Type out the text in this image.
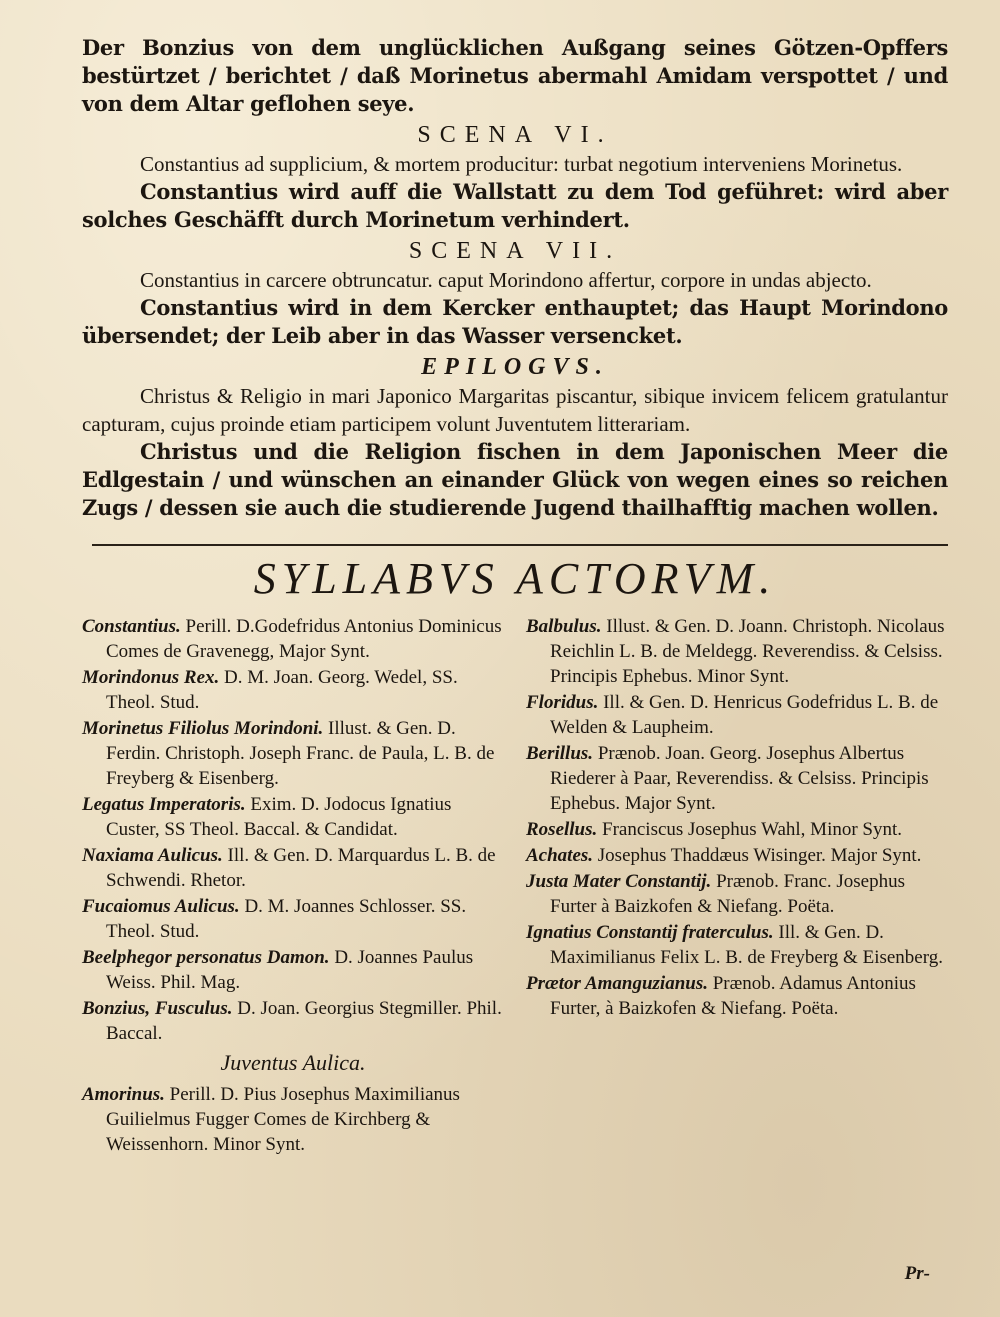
Der Bonzius von dem unglücklichen Außgang seines Götzen-Opffers bestürtzet / berichtet / daß Morinetus abermahl Amidam verspottet / und von dem Altar geflohen seye.

SCENA VI.

Constantius ad supplicium, & mortem producitur: turbat negotium interveniens Morinetus.

Constantius wird auff die Wallstatt zu dem Tod geführet: wird aber solches Geschäfft durch Morinetum verhindert.

SCENA VII.

Constantius in carcere obtruncatur. caput Morindono affertur, corpore in undas abjecto.

Constantius wird in dem Kercker enthauptet; das Haupt Morindono übersendet; der Leib aber in das Wasser versencket.

EPILOGVS.

Christus & Religio in mari Japonico Margaritas piscantur, sibique invicem felicem gratulantur capturam, cujus proinde etiam participem volunt Juventutem litterariam.

Christus und die Religion fischen in dem Japonischen Meer die Edlgestain / und wünschen an einander Glück von wegen eines so reichen Zugs / dessen sie auch die studierende Jugend thailhafftig machen wollen.

SYLLABVS ACTORVM.

Constantius. Perill. D.Godefridus Antonius Dominicus Comes de Gravenegg, Major Synt.

Morindonus Rex. D. M. Joan. Georg. Wedel, SS. Theol. Stud.

Morinetus Filiolus Morindoni. Illust. & Gen. D. Ferdin. Christoph. Joseph Franc. de Paula, L. B. de Freyberg & Eisenberg.

Legatus Imperatoris. Exim. D. Jodocus Ignatius Custer, SS Theol. Baccal. & Candidat.

Naxiama Aulicus. Ill. & Gen. D. Marquardus L. B. de Schwendi. Rhetor.

Fucaiomus Aulicus. D. M. Joannes Schlosser. SS. Theol. Stud.

Beelphegor personatus Damon. D. Joannes Paulus Weiss. Phil. Mag.

Bonzius, Fusculus. D. Joan. Georgius Stegmiller. Phil. Baccal.

Juventus Aulica.

Amorinus. Perill. D. Pius Josephus Maximilianus Guilielmus Fugger Comes de Kirchberg & Weissenhorn. Minor Synt.

Balbulus. Illust. & Gen. D. Joann. Christoph. Nicolaus Reichlin L. B. de Meldegg. Reverendiss. & Celsiss. Principis Ephebus. Minor Synt.

Floridus. Ill. & Gen. D. Henricus Godefridus L. B. de Welden & Laupheim.

Berillus. Prænob. Joan. Georg. Josephus Albertus Riederer à Paar, Reverendiss. & Celsiss. Principis Ephebus. Major Synt.

Rosellus. Franciscus Josephus Wahl, Minor Synt.

Achates. Josephus Thaddæus Wisinger. Major Synt.

Justa Mater Constantij. Prænob. Franc. Josephus Furter à Baizkofen & Niefang. Poëta.

Ignatius Constantij fraterculus. Ill. & Gen. D. Maximilianus Felix L. B. de Freyberg & Eisenberg.

Prætor Amanguzianus. Prænob. Adamus Antonius Furter, à Baizkofen & Niefang. Poëta.

Pr-
